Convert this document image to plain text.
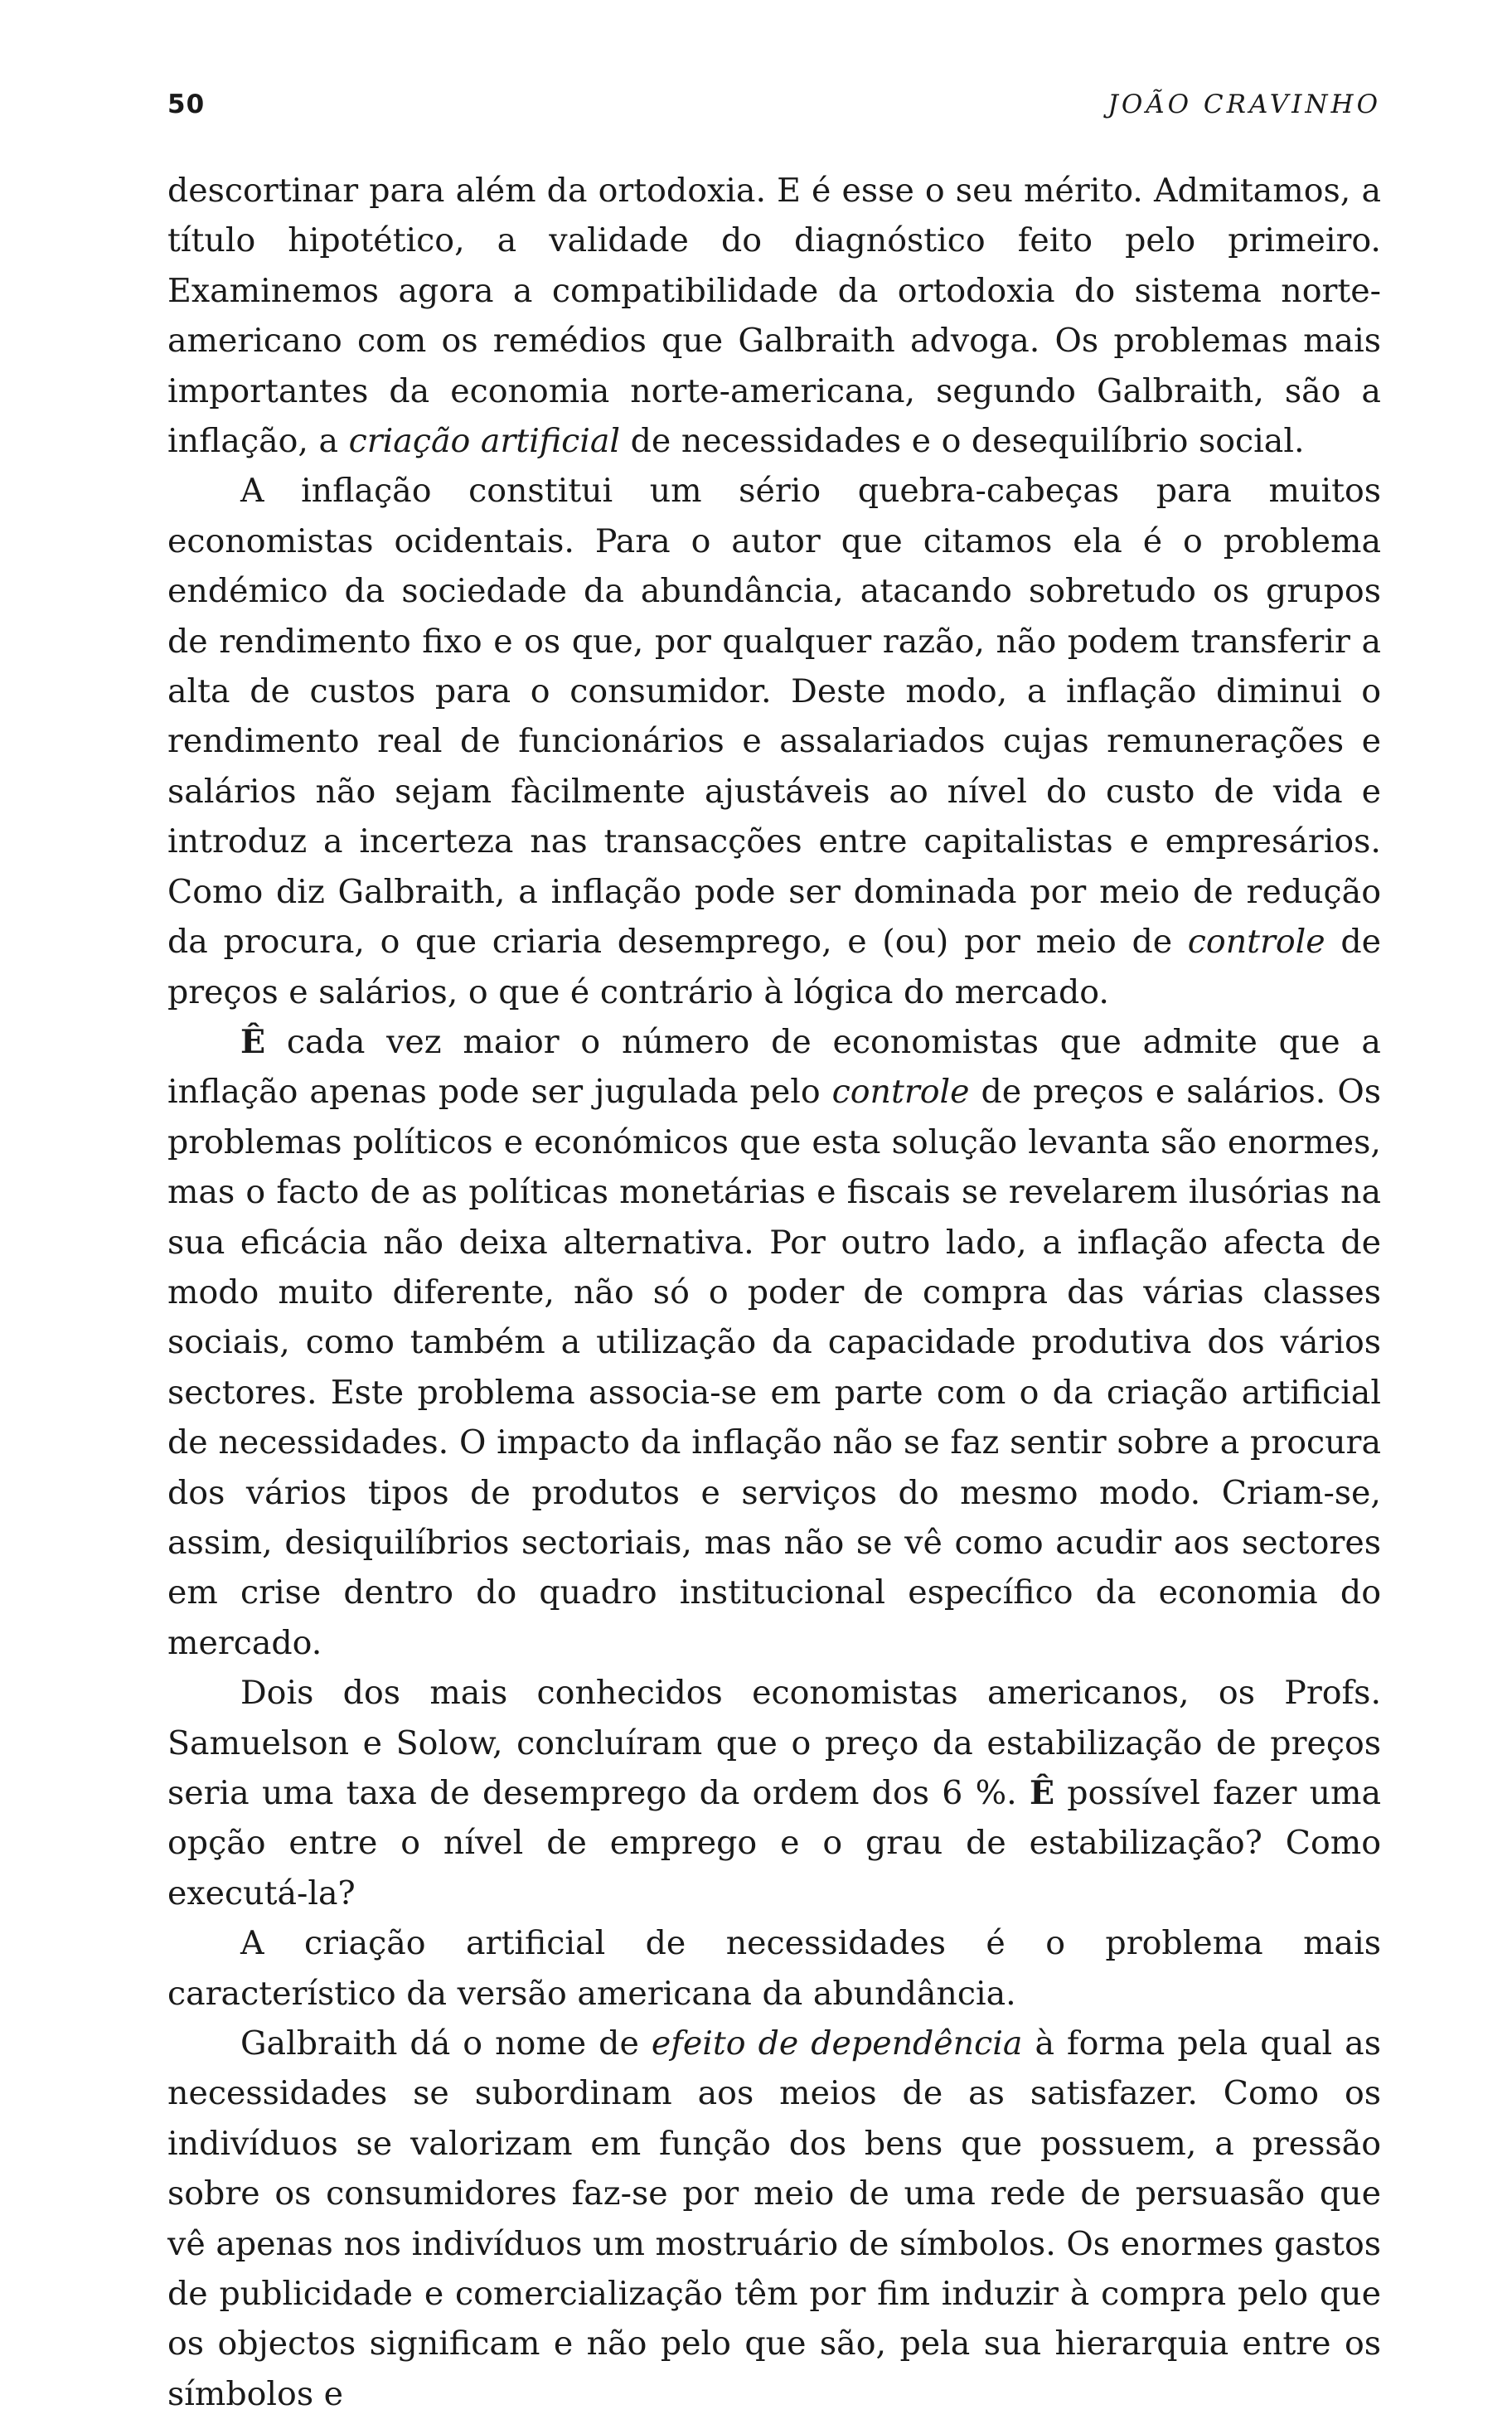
50	JOÃO CRAVINHO

descortinar para além da ortodoxia. E é esse o seu mérito. Admitamos, a título hipotético, a validade do diagnóstico feito pelo primeiro. Examinemos agora a compatibilidade da ortodoxia do sistema norte-americano com os remédios que Galbraith advoga. Os problemas mais importantes da economia norte-americana, segundo Galbraith, são a inflação, a criação artificial de necessidades e o desequilíbrio social.

A inflação constitui um sério quebra-cabeças para muitos economistas ocidentais. Para o autor que citamos ela é o problema endémico da sociedade da abundância, atacando sobretudo os grupos de rendimento fixo e os que, por qualquer razão, não podem transferir a alta de custos para o consumidor. Deste modo, a inflação diminui o rendimento real de funcionários e assalariados cujas remunerações e salários não sejam fàcilmente ajustáveis ao nível do custo de vida e introduz a incerteza nas transacções entre capitalistas e empresários. Como diz Galbraith, a inflação pode ser dominada por meio de redução da procura, o que criaria desemprego, e (ou) por meio de controle de preços e salários, o que é contrário à lógica do mercado.

Ê cada vez maior o número de economistas que admite que a inflação apenas pode ser jugulada pelo controle de preços e salários. Os problemas políticos e económicos que esta solução levanta são enormes, mas o facto de as políticas monetárias e fiscais se revelarem ilusórias na sua eficácia não deixa alternativa. Por outro lado, a inflação afecta de modo muito diferente, não só o poder de compra das várias classes sociais, como também a utilização da capacidade produtiva dos vários sectores. Este problema associa-se em parte com o da criação artificial de necessidades. O impacto da inflação não se faz sentir sobre a procura dos vários tipos de produtos e serviços do mesmo modo. Criam-se, assim, desiquilíbrios sectoriais, mas não se vê como acudir aos sectores em crise dentro do quadro institucional específico da economia do mercado.

Dois dos mais conhecidos economistas americanos, os Profs. Samuelson e Solow, concluíram que o preço da estabilização de preços seria uma taxa de desemprego da ordem dos 6 %. Ê possível fazer uma opção entre o nível de emprego e o grau de estabilização? Como executá-la?

A criação artificial de necessidades é o problema mais característico da versão americana da abundância.

Galbraith dá o nome de efeito de dependência à forma pela qual as necessidades se subordinam aos meios de as satisfazer. Como os indivíduos se valorizam em função dos bens que possuem, a pressão sobre os consumidores faz-se por meio de uma rede de persuasão que vê apenas nos indivíduos um mostruário de símbolos. Os enormes gastos de publicidade e comercialização têm por fim induzir à compra pelo que os objectos significam e não pelo que são, pela sua hierarquia entre os símbolos e
